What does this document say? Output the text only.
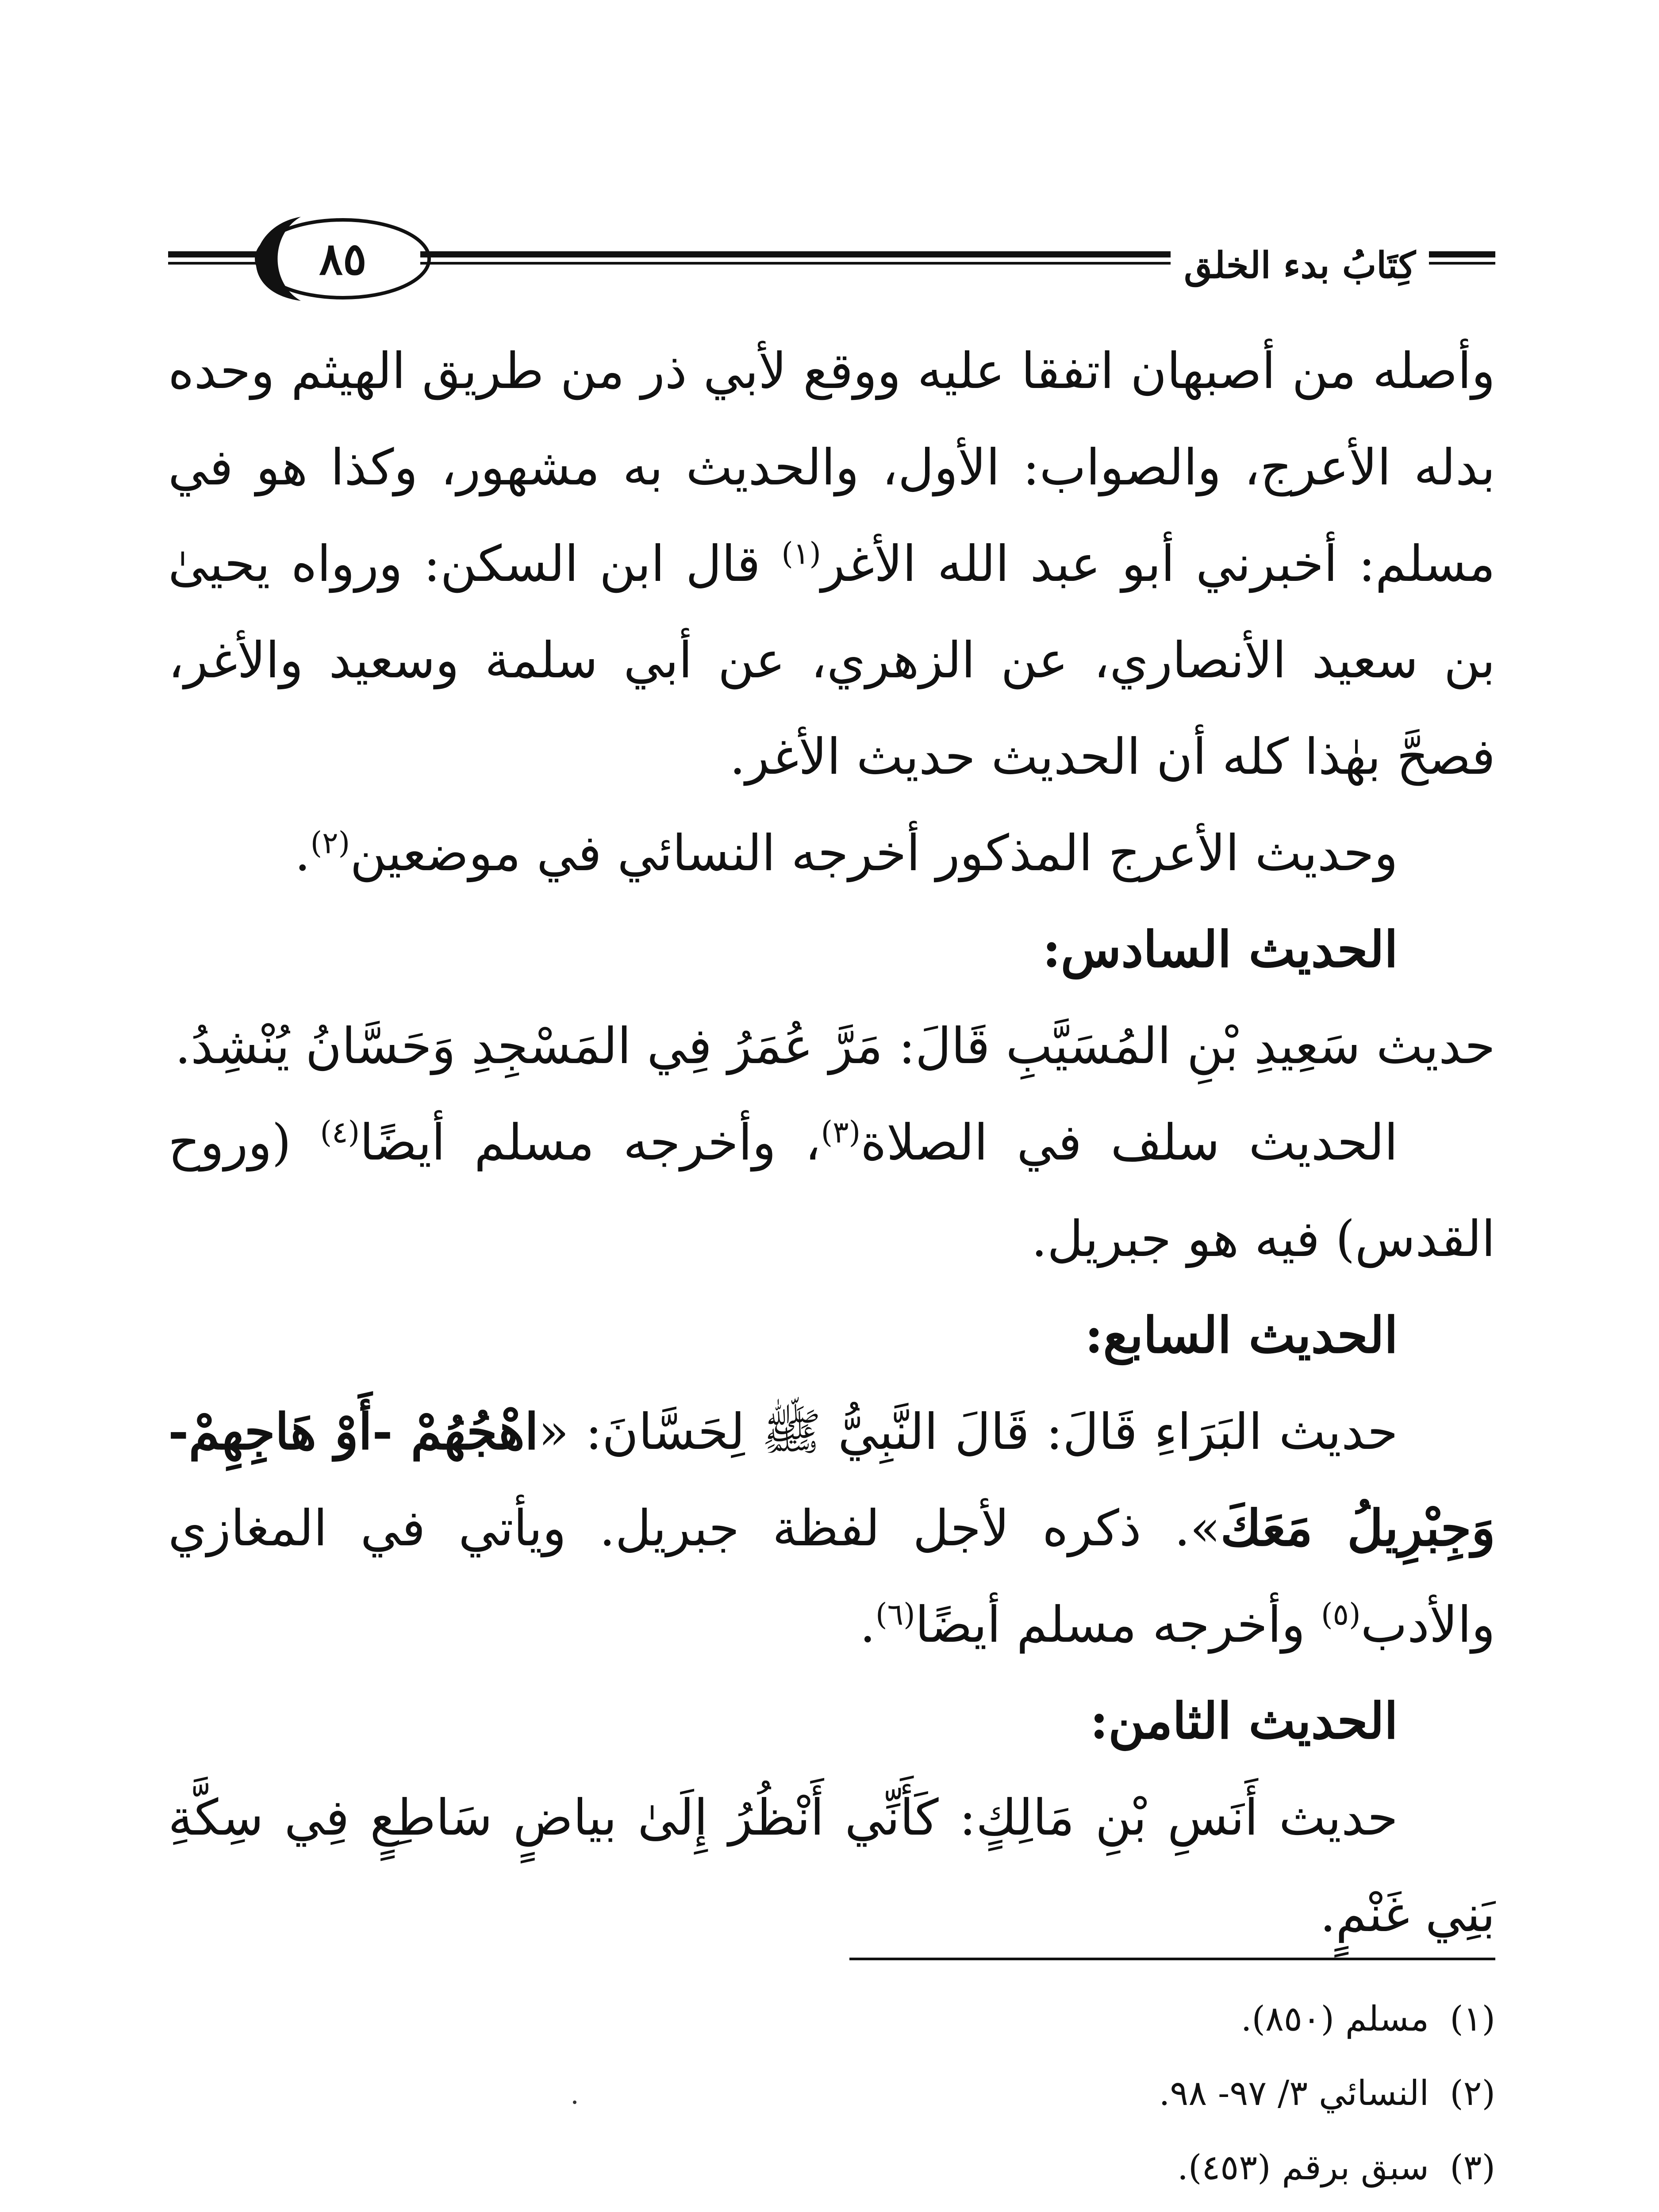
٨٥	كِتَابُ بدء الخلق

وأصله من أصبهان اتفقا عليه ووقع لأبي ذر من طريق الهيثم وحده بدله الأعرج، والصواب: الأول، والحديث به مشهور، وكذا هو في مسلم: أخبرني أبو عبد الله الأغر$^{(١)}$ قال ابن السكن: ورواه يحيىٰ بن سعيد الأنصاري، عن الزهري، عن أبي سلمة وسعيد والأغر، فصحَّ بهٰذا كله أن الحديث حديث الأغر.

وحديث الأعرج المذكور أخرجه النسائي في موضعين$^{(٢)}$.

الحديث السادس:

حديث سَعِيدِ بْنِ المُسَيَّبِ قَالَ: مَرَّ عُمَرُ فِي المَسْجِدِ وَحَسَّانُ يُنْشِدُ.

الحديث سلف في الصلاة$^{(٣)}$، وأخرجه مسلم أيضًا$^{(٤)}$ (وروح القدس) فيه هو جبريل.

الحديث السابع:

حديث البَرَاءِ قَالَ: قَالَ النَّبِيُّ ﷺ لِحَسَّانَ: «اهْجُهُمْ -أَوْ هَاجِهِمْ- وَجِبْرِيلُ مَعَكَ». ذكره لأجل لفظة جبريل. ويأتي في المغازي والأدب$^{(٥)}$ وأخرجه مسلم أيضًا$^{(٦)}$.

الحديث الثامن:

حديث أَنَسِ بْنِ مَالِكٍ: كَأَنِّي أَنْظُرُ إِلَىٰ بياضٍ سَاطِعٍ فِي سِكَّةِ بَنِي غَنْمٍ.

(١)
مسلم (٨٥٠).

(٢)
النسائي ٣/ ٩٧- ٩٨.

(٣)
سبق برقم (٤٥٣).
